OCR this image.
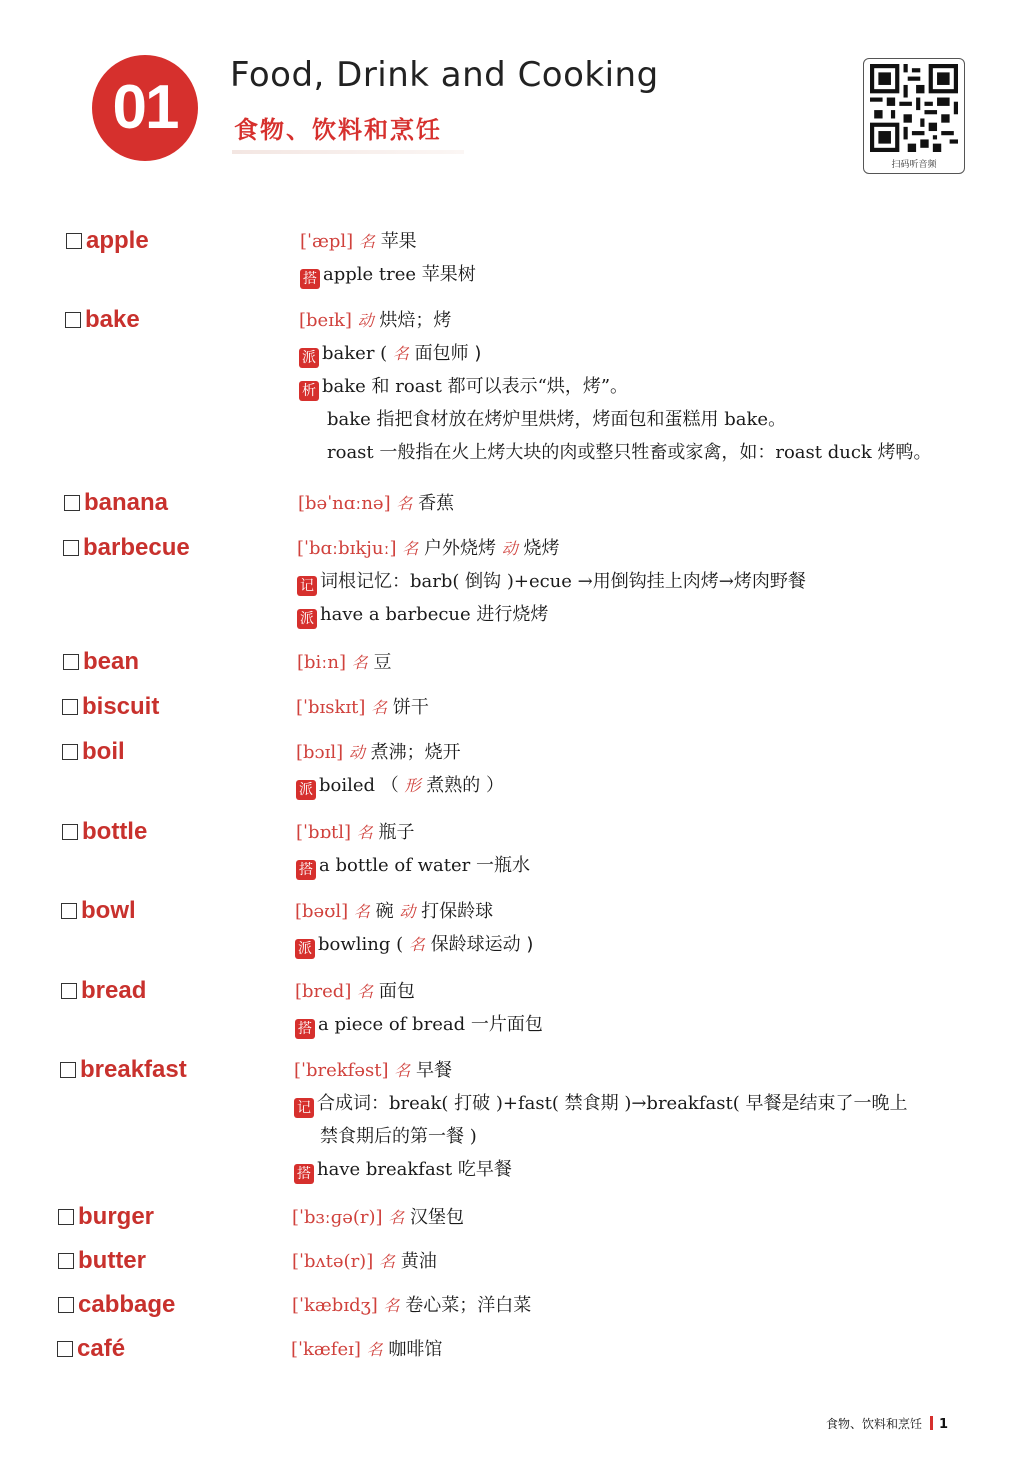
01	Food, Drink and Cooking
食物、饮料和烹饪
扫码听音频
apple	[ˈæpl] 名 苹果
搭 apple tree 苹果树
bake	[beɪk] 动 烘焙；烤
派 baker ( 名 面包师 )
析 bake 和 roast 都可以表示“烘，烤”。
bake 指把食材放在烤炉里烘烤，烤面包和蛋糕用 bake。
roast 一般指在火上烤大块的肉或整只牲畜或家禽，如：roast duck 烤鸭。
banana	[bəˈnɑːnə] 名 香蕉
barbecue	[ˈbɑːbɪkjuː] 名 户外烧烤 动 烧烤
记 词根记忆：barb( 倒钩 )+ecue →用倒钩挂上肉烤→烤肉野餐
派 have a barbecue 进行烧烤
bean	[biːn] 名 豆
biscuit	[ˈbɪskɪt] 名 饼干
boil	[bɔɪl] 动 煮沸；烧开
派 boiled （ 形 煮熟的 ）
bottle	[ˈbɒtl] 名 瓶子
搭 a bottle of water 一瓶水
bowl	[bəʊl] 名 碗 动 打保龄球
派 bowling ( 名 保龄球运动 )
bread	[bred] 名 面包
搭 a piece of bread 一片面包
breakfast	[ˈbrekfəst] 名 早餐
记 合成词：break( 打破 )+fast( 禁食期 )→breakfast( 早餐是结束了一晚上
禁食期后的第一餐 )
搭 have breakfast 吃早餐
burger	[ˈbɜːɡə(r)] 名 汉堡包
butter	[ˈbʌtə(r)] 名 黄油
cabbage	[ˈkæbɪdʒ] 名 卷心菜；洋白菜
café	[ˈkæfeɪ] 名 咖啡馆
食物、饮料和烹饪 1
